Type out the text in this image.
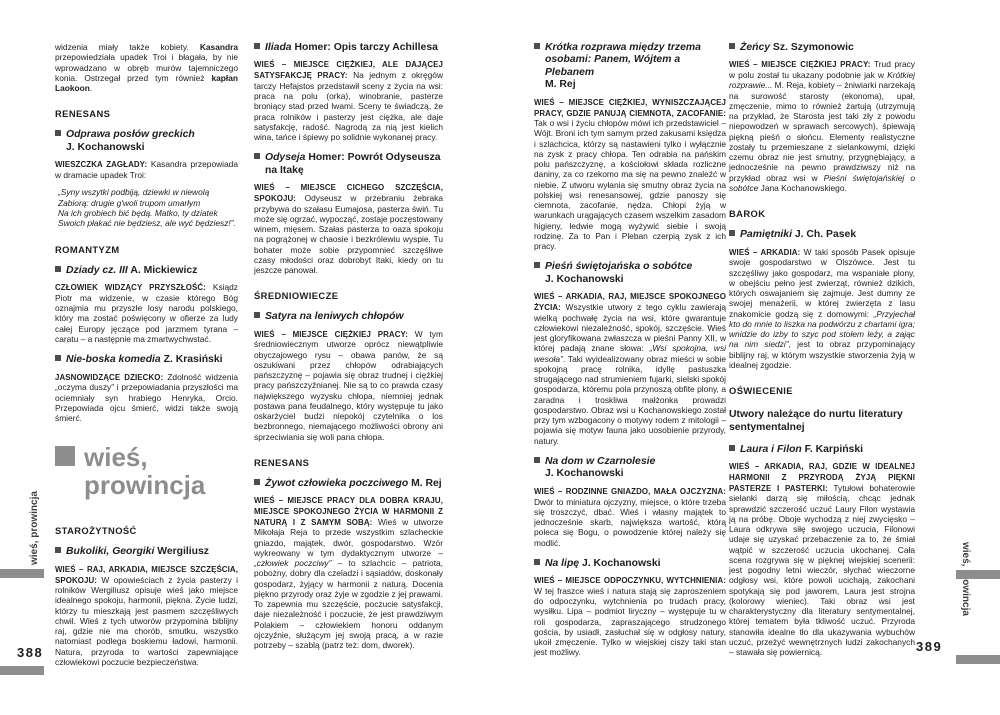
wieś, prowincja
388	389

widzenia miały także kobiety. Kasandra przepowiedziała upadek Troi i błagała, by nie wprowadzano w obręb murów tajemniczego konia. Ostrzegał przed tym również kapłan Laokoon.

RENESANS
Odprawa posłów greckich
J. Kochanowski

WIESZCZKA ZAGŁADY: Kasandra przepowiada w dramacie upadek Troi:

„Syny wszytki podbiją, dziewki w niewolą
Zabiorą: drugie g'woli trupom umarłym
Na ich grobiech bić będą. Matko, ty dziatek
Swoich płakać nie będziesz, ale wyć będziesz!”.
ROMANTYZM
Dziady cz. III A. Mickiewicz

CZŁOWIEK WIDZĄCY PRZYSZŁOŚĆ: Ksiądz Piotr ma widzenie, w czasie którego Bóg oznajmia mu przyszłe losy narodu polskiego, który ma zostać poświęcony w ofierze za ludy całej Europy jęczące pod jarzmem tyrana – caratu – a następnie ma zmartwychwstać.

Nie-boska komedia Z. Krasiński

JASNOWIDZĄCE DZIECKO: Zdolność widzenia „oczyma duszy” i przepowiadania przyszłości ma ociemniały syn hrabiego Henryka, Orcio. Przepowiada ojcu śmierć, widzi także swoją śmierć.

wieś,
prowincja
STAROŻYTNOŚĆ
Bukoliki, Georgiki Wergiliusz

WIEŚ – RAJ, ARKADIA, MIEJSCE SZCZĘŚCIA, SPOKOJU: W opowieściach z życia pasterzy i rolników Wergiliusz opisuje wieś jako miejsce idealnego spokoju, harmonii, piękna. Życie ludzi, którzy tu mieszkają jest pasmem szczęśliwych chwil. Wieś z tych utworów przypomina biblijny raj, gdzie nie ma chorób, smutku, wszystko natomiast podlega boskiemu ładowi, harmonii. Natura, przyroda to wartości zapewniające człowiekowi poczucie bezpieczeństwa.

Iliada Homer: Opis tarczy Achillesa

WIEŚ – MIEJSCE CIĘŻKIEJ, ALE DAJĄCEJ SATYSFAKCJĘ PRACY: Na jednym z okręgów tarczy Hefajstos przedstawił sceny z życia na wsi: praca na polu (orka), winobranie, pasterze broniący stad przed lwami. Sceny te świadczą, że praca rolników i pasterzy jest ciężka, ale daje satysfakcję, radość. Nagrodą za nią jest kielich wina, tańce i śpiewy po solidnie wykonanej pracy.

Odyseja Homer: Powrót Odyseusza na Itakę

WIEŚ – MIEJSCE CICHEGO SZCZĘŚCIA, SPOKOJU: Odyseusz w przebraniu żebraka przybywa do szałasu Eumajosa, pasterza świń. Tu może się ogrzać, wypocząć, zostaje poczęstowany winem, mięsem. Szałas pasterza to oaza spokoju na pogrążonej w chaosie i bezkrólewiu wyspie. Tu bohater może sobie przypomnieć szczęśliwe czasy młodości oraz dobrobyt Itaki, kiedy on tu jeszcze panował.

ŚREDNIOWIECZE
Satyra na leniwych chłopów

WIEŚ – MIEJSCE CIĘŻKIEJ PRACY: W tym średniowiecznym utworze oprócz niewątpliwie obyczajowego rysu – obawa panów, że są oszukiwani przez chłopów odrabiających pańszczyznę – pojawia się obraz trudnej i ciężkiej pracy pańszczyźnianej. Nie są to co prawda czasy największego wyzysku chłopa, niemniej jednak postawa pana feudalnego, który występuje tu jako oskarżyciel budzi niepokój czytelnika o los bezbronnego, niemającego możliwości obrony ani sprzeciwiania się woli pana chłopa.

RENESANS
Żywot człowieka poczciwego M. Rej

WIEŚ – MIEJSCE PRACY DLA DOBRA KRAJU, MIEJSCE SPOKOJNEGO ŻYCIA W HARMONII Z NATURĄ I Z SAMYM SOBĄ: Wieś w utworze Mikołaja Reja to przede wszystkim szlacheckie gniazdo, majątek, dwór, gospodarstwo. Wzór wykreowany w tym dydaktycznym utworze – „człowiek poczciwy” – to szlachcic – patriota, pobożny, dobry dla czeladzi i sąsiadów, doskonały gospodarz, żyjący w harmonii z naturą. Docenia piękno przyrody oraz żyje w zgodzie z jej prawami. To zapewnia mu szczęście, poczucie satysfakcji, daje niezależność i poczucie, że jest prawdziwym Polakiem – człowiekiem honoru oddanym ojczyźnie, służącym jej swoją pracą, a w razie potrzeby – szablą (patrz też: dom, dworek).

Krótka rozprawa między trzema osobami: Panem, Wójtem a Plebanem
M. Rej

WIEŚ – MIEJSCE CIĘŻKIEJ, WYNISZCZAJĄCEJ PRACY, GDZIE PANUJĄ CIEMNOTA, ZACOFANIE: Tak o wsi i życiu chłopów mówi ich przedstawiciel – Wójt. Broni ich tym samym przed zakusami księdza i szlachcica, którzy są nastawieni tylko i wyłącznie na zysk z pracy chłopa. Ten odrabia na pańskim polu pańszczyznę, a kościołowi składa rozliczne daniny, za co rzekomo ma się na pewno znaleźć w niebie. Z utworu wyłania się smutny obraz życia na polskiej wsi renesansowej, gdzie panoszy się ciemnota, zacofanie, nędza. Chłopi żyją w warunkach urągających czasem wszelkim zasadom higieny, ledwie mogą wyżywić siebie i swoją rodzinę. Za to Pan i Pleban czerpią zysk z ich pracy.

Pieśń świętojańska o sobótce
J. Kochanowski

WIEŚ – ARKADIA, RAJ, MIEJSCE SPOKOJNEGO ŻYCIA: Wszystkie utwory z tego cyklu zawierają wielką pochwałę życia na wsi, które gwarantuje człowiekowi niezależność, spokój, szczęście. Wieś jest gloryfikowana zwłaszcza w pieśni Panny XII, w której padają znane słowa: „Wsi spokojna, wsi wesoła”. Taki wyidealizowany obraz mieści w sobie spokojną pracę rolnika, idyllę pastuszka strugającego nad strumieniem fujarki, sielski spokój gospodarza, któremu pola przynoszą obfite plony, a zaradna i troskliwa małżonka prowadzi gospodarstwo. Obraz wsi u Kochanowskiego został przy tym wzbogacony o motywy rodem z mitologii – pojawia się motyw fauna jako uosobienie przyrody, natury.

Na dom w Czarnolesie
J. Kochanowski

WIEŚ – RODZINNE GNIAZDO, MAŁA OJCZYZNA: Dwór to miniatura ojczyzny, miejsce, o które trzeba się troszczyć, dbać. Wieś i własny majątek to jednocześnie skarb, największa wartość, którą poleca się Bogu, o powodzenie której należy się modlić.

Na lipę J. Kochanowski

WIEŚ – MIEJSCE ODPOCZYNKU, WYTCHNIENIA: W tej fraszce wieś i natura stają się zaproszeniem do odpoczynku, wytchnienia po trudach pracy, wysiłku. Lipa – podmiot liryczny – występuje tu w roli gospodarza, zapraszającego strudzonego gościa, by usiadł, zasłuchał się w odgłosy natury, ukoił zmęczenie. Tylko w wiejskiej ciszy taki stan jest możliwy.

Żeńcy Sz. Szymonowic

WIEŚ – MIEJSCE CIĘŻKIEJ PRACY: Trud pracy w polu został tu ukazany podobnie jak w Krótkiej rozprawie... M. Reja, kobiety – żniwiarki narzekają na surowość starosty (ekonoma), upał, zmęczenie, mimo to również żartują (utrzymują na przykład, że Starosta jest taki zły z powodu niepowodzeń w sprawach sercowych), śpiewają piękną pieśń o słońcu. Elementy realistyczne zostały tu przemieszane z sielankowymi, dzięki czemu obraz nie jest smutny, przygnębiający, a jednocześnie na pewno prawdziwszy niż na przykład obraz wsi w Pieśni świętojańskiej o sobótce Jana Kochanowskiego.

BAROK
Pamiętniki J. Ch. Pasek

WIEŚ – ARKADIA: W taki sposób Pasek opisuje swoje gospodarstwo w Olszówce. Jest tu szczęśliwy jako gospodarz, ma wspaniałe plony, w obejściu pełno jest zwierząt, również dzikich, których oswajaniem się zajmuje. Jest dumny ze swojej menażerii, w której zwierzęta z lasu znakomicie godzą się z domowymi: „Przyjechał kto do mnie to liszka na podwórzu z chartami igra; wnidzie do izby to szyc pod stołem leży, a zając na nim siedzi”, jest to obraz przypominający biblijny raj, w którym wszystkie stworzenia żyją w idealnej zgodzie.

OŚWIECENIE
Utwory należące do nurtu literatury sentymentalnej
Laura i Filon F. Karpiński

WIEŚ – ARKADIA, RAJ, GDZIE W IDEALNEJ HARMONII Z PRZYRODĄ ŻYJĄ PIĘKNI PASTERZE I PASTERKI: Tytułowi bohaterowie sielanki darzą się miłością, chcąc jednak sprawdzić szczerość uczuć Laury Filon wystawia ją na próbę. Oboje wychodzą z niej zwycięsko – Laura odkrywa siłę swojego uczucia, Filonowi udaje się uzyskać przebaczenie za to, że śmiał wątpić w szczerość uczucia ukochanej. Cała scena rozgrywa się w pięknej wiejskiej scenerii: jest pogodny letni wieczór, słychać wieczorne odgłosy wsi, które powoli ucichają, zakochani spotykają się pod jaworem, Laura jest strojna (kolorowy wieniec). Taki obraz wsi jest charakterystyczny dla literatury sentymentalnej, której tematem była tkliwość uczuć. Przyroda stanowiła idealne tło dla ukazywania wybuchów uczuć, przeżyć wewnętrznych ludzi zakochanych – stawała się powiernicą.
